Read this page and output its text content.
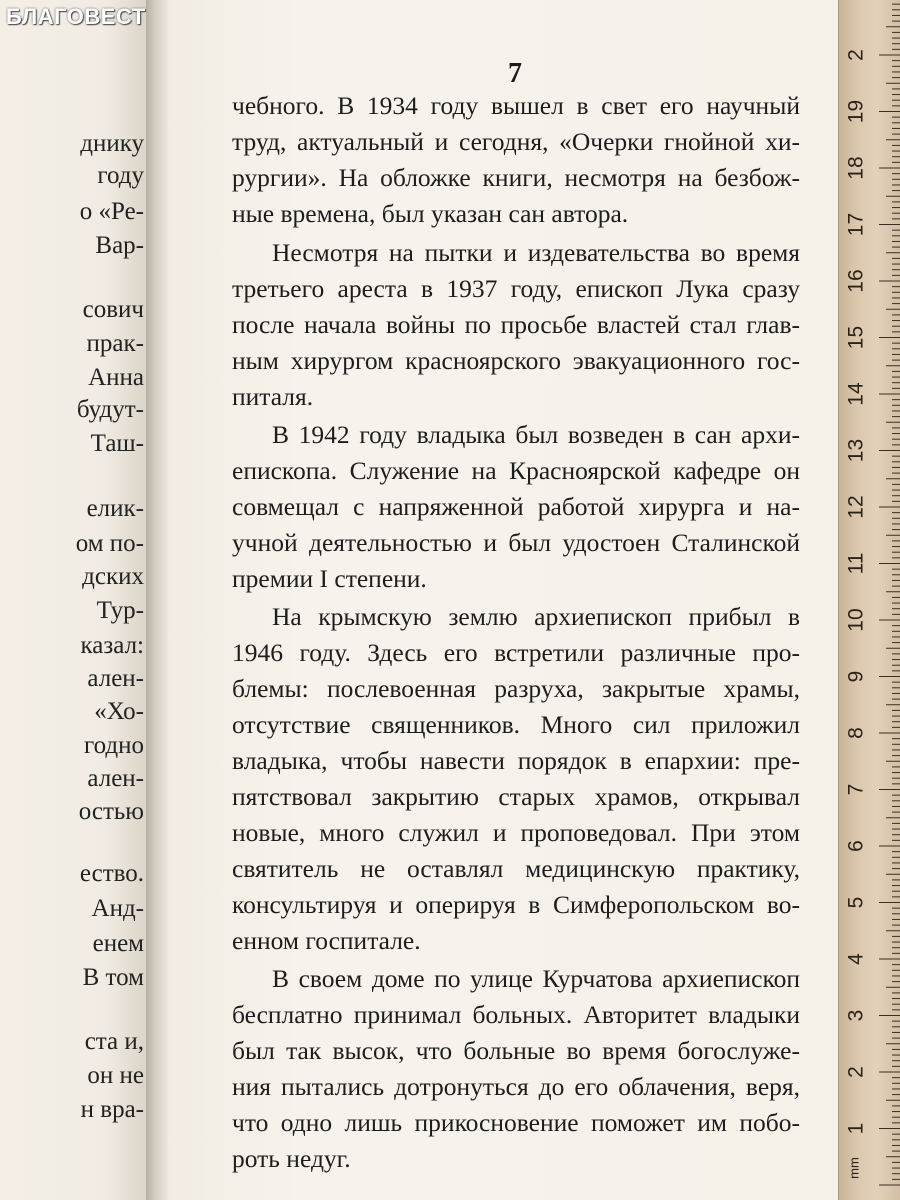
днику
году
о «Ре-
Вар-
сович
прак-
Анна
будут-
Таш-
елик-
ом по-
дских
Тур-
казал:
ален-
«Хо-
годно
ален-
остью
ество.
Анд-
енем
В том
ста и,
он не
н вра-
7
чебного. В 1934 году вышел в свет его научный
труд, актуальный и сегодня, «Очерки гнойной хи-
рургии». На обложке книги, несмотря на безбож-
ные времена, был указан сан автора.
Несмотря на пытки и издевательства во время
третьего ареста в 1937 году, епископ Лука сразу
после начала войны по просьбе властей стал глав-
ным хирургом красноярского эвакуационного гос-
питаля.
В 1942 году владыка был возведен в сан архи-
епископа. Служение на Красноярской кафедре он
совмещал с напряженной работой хирурга и на-
учной деятельностью и был удостоен Сталинской
премии I степени.
На крымскую землю архиепископ прибыл в
1946 году. Здесь его встретили различные про-
блемы: послевоенная разруха, закрытые храмы,
отсутствие священников. Много сил приложил
владыка, чтобы навести порядок в епархии: пре-
пятствовал закрытию старых храмов, открывал
новые, много служил и проповедовал. При этом
святитель не оставлял медицинскую практику,
консультируя и оперируя в Симферопольском во-
енном госпитале.
В своем доме по улице Курчатова архиепископ
бесплатно принимал больных. Авторитет владыки
был так высок, что больные во время богослуже-
ния пытались дотронуться до его облачения, веря,
что одно лишь прикосновение поможет им побо-
роть недуг.
1
2
3
4
5
6
7
8
9
10
11
12
13
14
15
16
17
18
19
2
mm
БЛАГОВЕСТ
